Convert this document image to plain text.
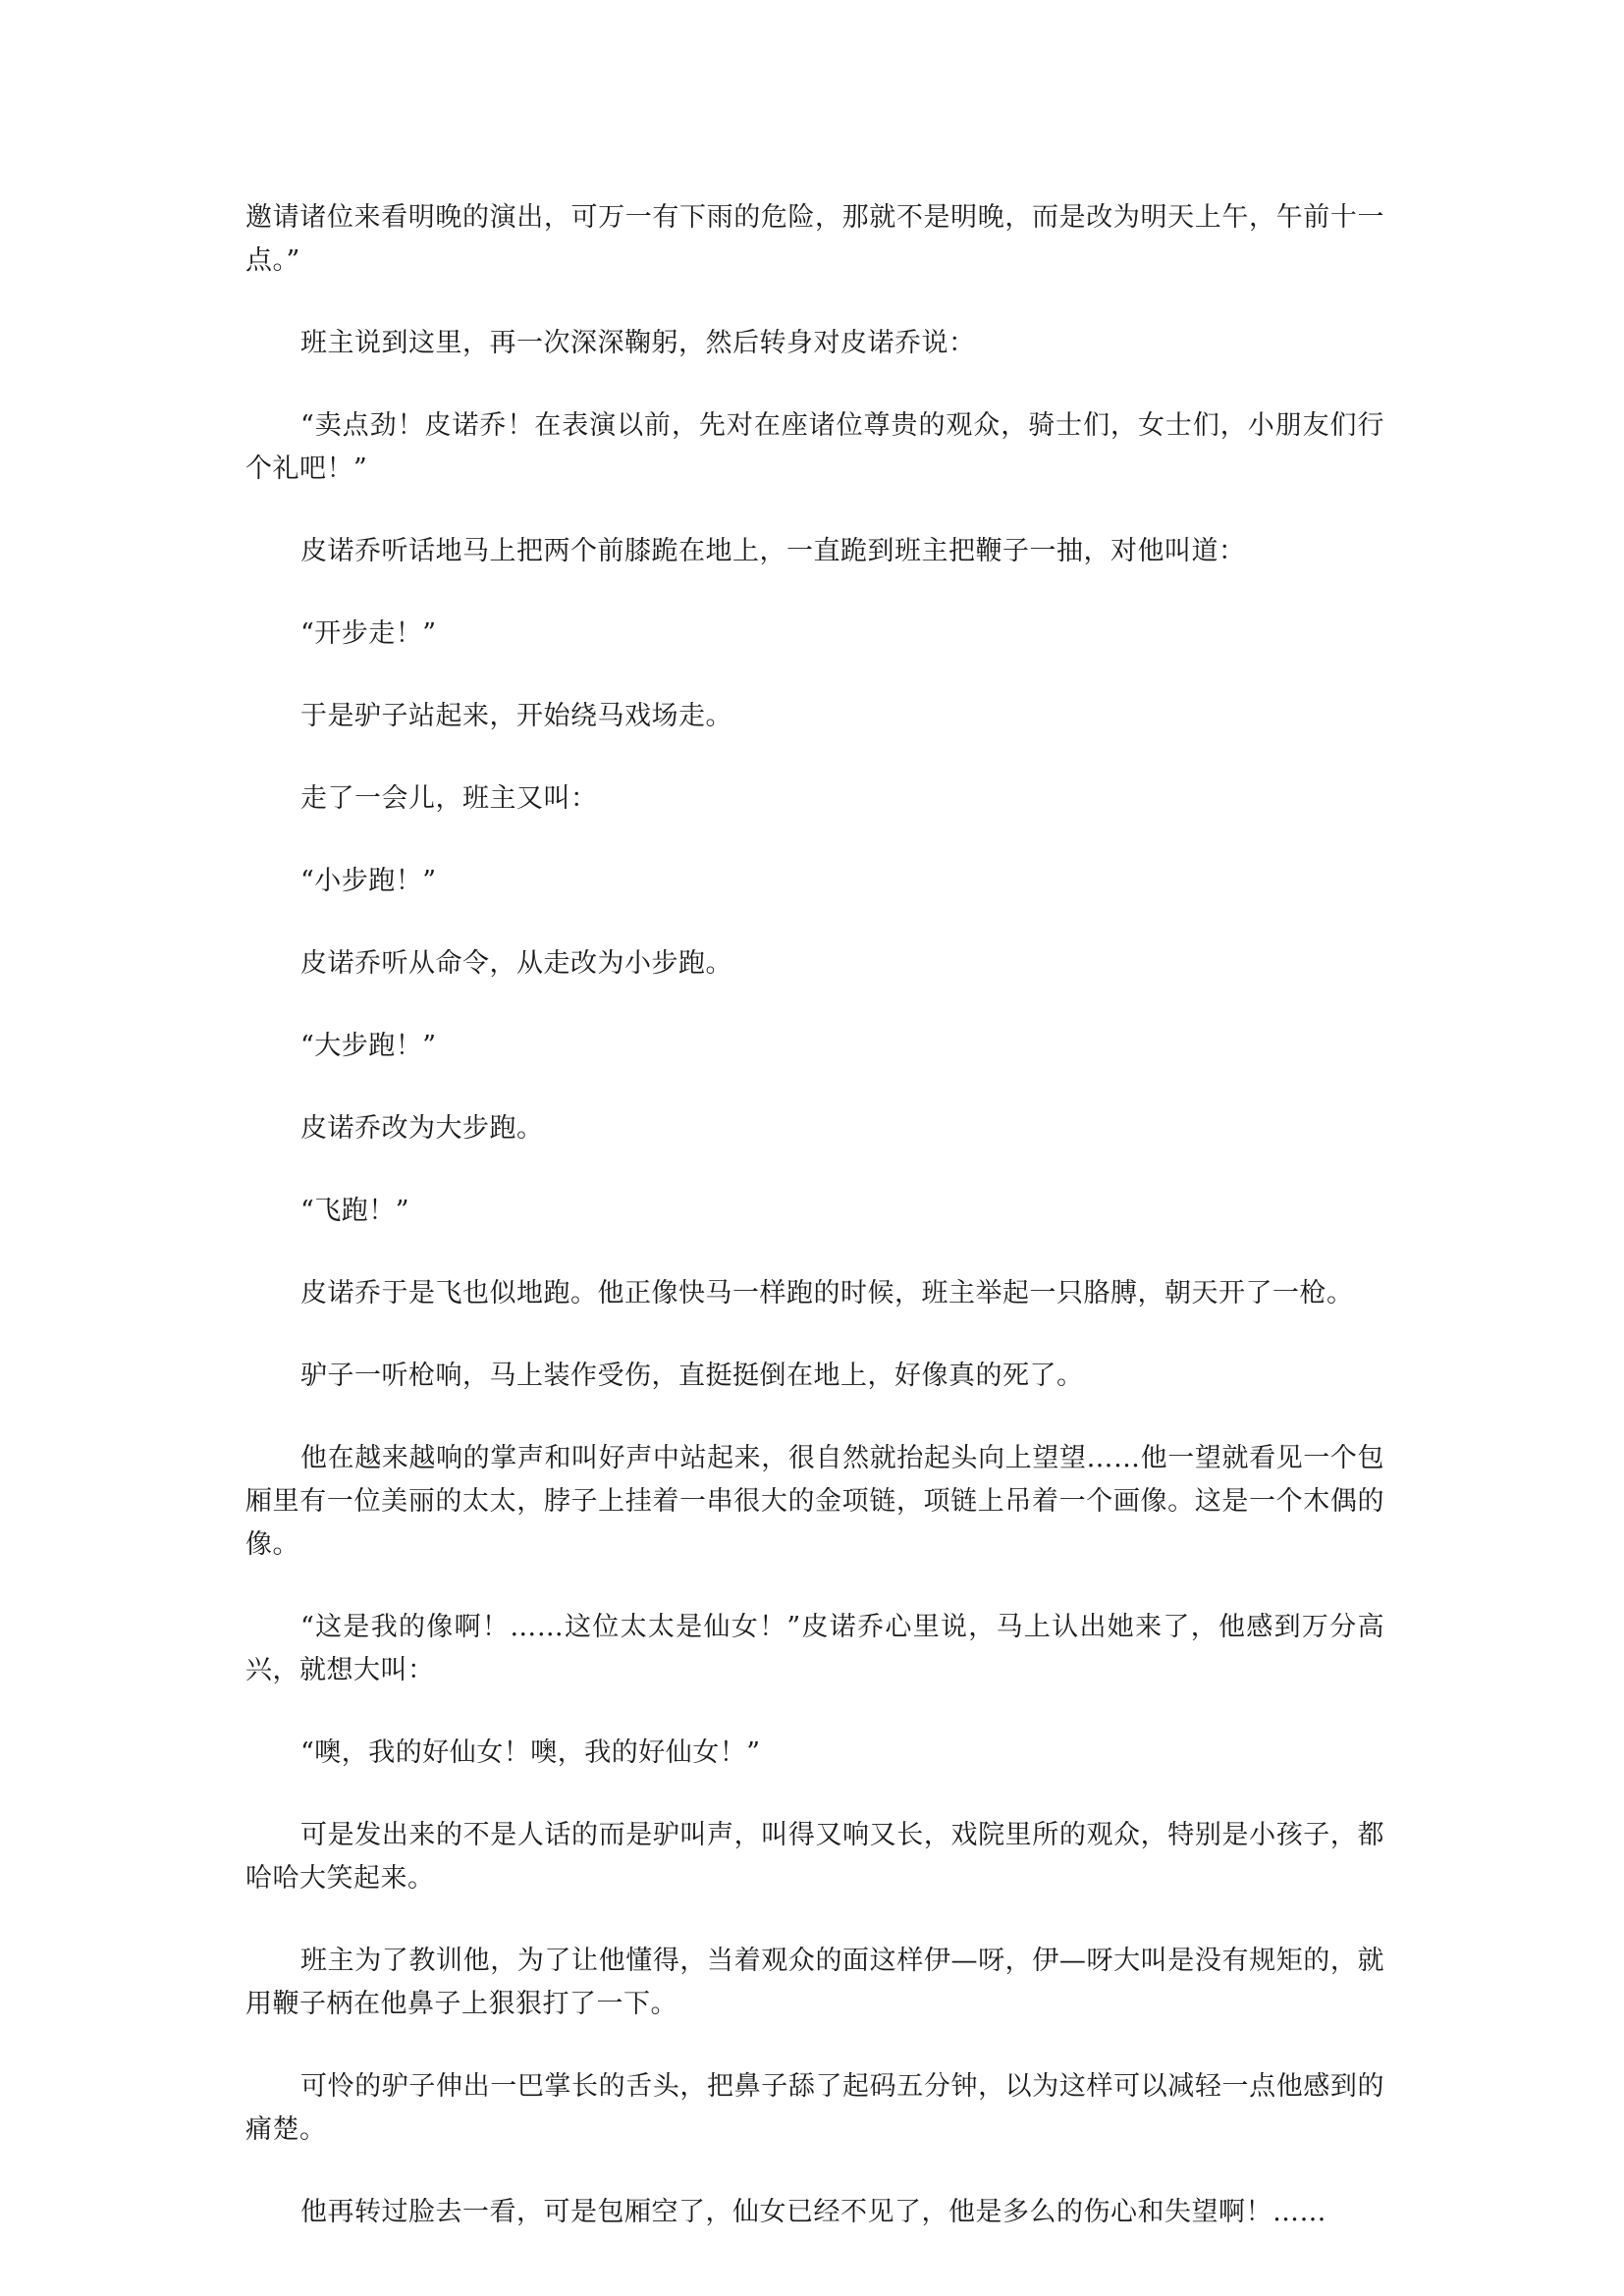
邀请诸位来看明晚的演出，可万一有下雨的危险，那就不是明晚，而是改为明天上午，午前十一点。”

班主说到这里，再一次深深鞠躬，然后转身对皮诺乔说：

“卖点劲！皮诺乔！在表演以前，先对在座诸位尊贵的观众，骑士们，女士们，小朋友们行个礼吧！”

皮诺乔听话地马上把两个前膝跪在地上，一直跪到班主把鞭子一抽，对他叫道：

“开步走！”

于是驴子站起来，开始绕马戏场走。

走了一会儿，班主又叫：

“小步跑！”

皮诺乔听从命令，从走改为小步跑。

“大步跑！”

皮诺乔改为大步跑。

“飞跑！”

皮诺乔于是飞也似地跑。他正像快马一样跑的时候，班主举起一只胳膊，朝天开了一枪。

驴子一听枪响，马上装作受伤，直挺挺倒在地上，好像真的死了。

他在越来越响的掌声和叫好声中站起来，很自然就抬起头向上望望……他一望就看见一个包厢里有一位美丽的太太，脖子上挂着一串很大的金项链，项链上吊着一个画像。这是一个木偶的像。

“这是我的像啊！……这位太太是仙女！”皮诺乔心里说，马上认出她来了，他感到万分高兴，就想大叫：

“噢，我的好仙女！噢，我的好仙女！”

可是发出来的不是人话的而是驴叫声，叫得又响又长，戏院里所的观众，特别是小孩子，都哈哈大笑起来。

班主为了教训他，为了让他懂得，当着观众的面这样伊—呀，伊—呀大叫是没有规矩的，就用鞭子柄在他鼻子上狠狠打了一下。

可怜的驴子伸出一巴掌长的舌头，把鼻子舔了起码五分钟，以为这样可以减轻一点他感到的痛楚。

他再转过脸去一看，可是包厢空了，仙女已经不见了，他是多么的伤心和失望啊！……
